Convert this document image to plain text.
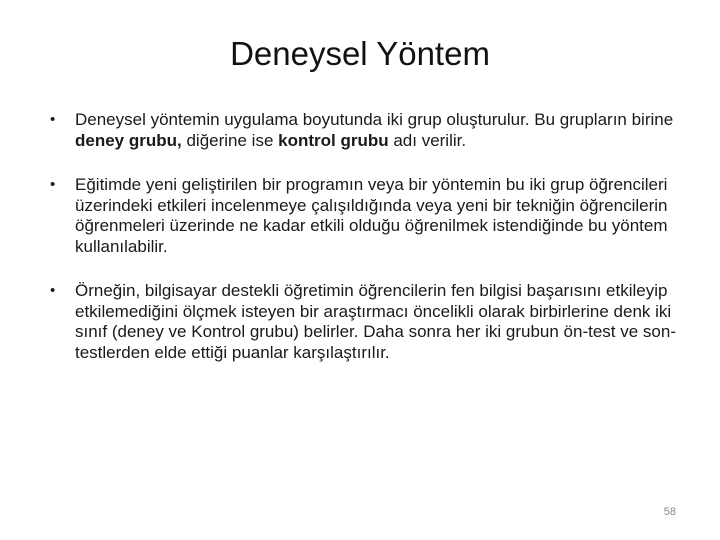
Deneysel Yöntem
•	Deneysel yöntemin uygulama boyutunda iki grup oluşturulur. Bu grupların birine deney grubu, diğerine ise kontrol grubu adı verilir.
•	Eğitimde yeni geliştirilen bir programın veya bir yöntemin bu iki grup öğrencileri üzerindeki etkileri incelenmeye çalışıldığında veya yeni bir tekniğin öğrencilerin öğrenmeleri üzerinde ne kadar etkili olduğu öğrenilmek istendiğinde bu yöntem kullanılabilir.
•	Örneğin, bilgisayar destekli öğretimin öğrencilerin fen bilgisi başarısını etkileyip etkilemediğini ölçmek isteyen bir araştırmacı öncelikli olarak birbirlerine denk iki sınıf (deney ve Kontrol grubu) belirler. Daha sonra her iki grubun ön-test ve son-testlerden elde ettiği puanlar karşılaştırılır.
58
